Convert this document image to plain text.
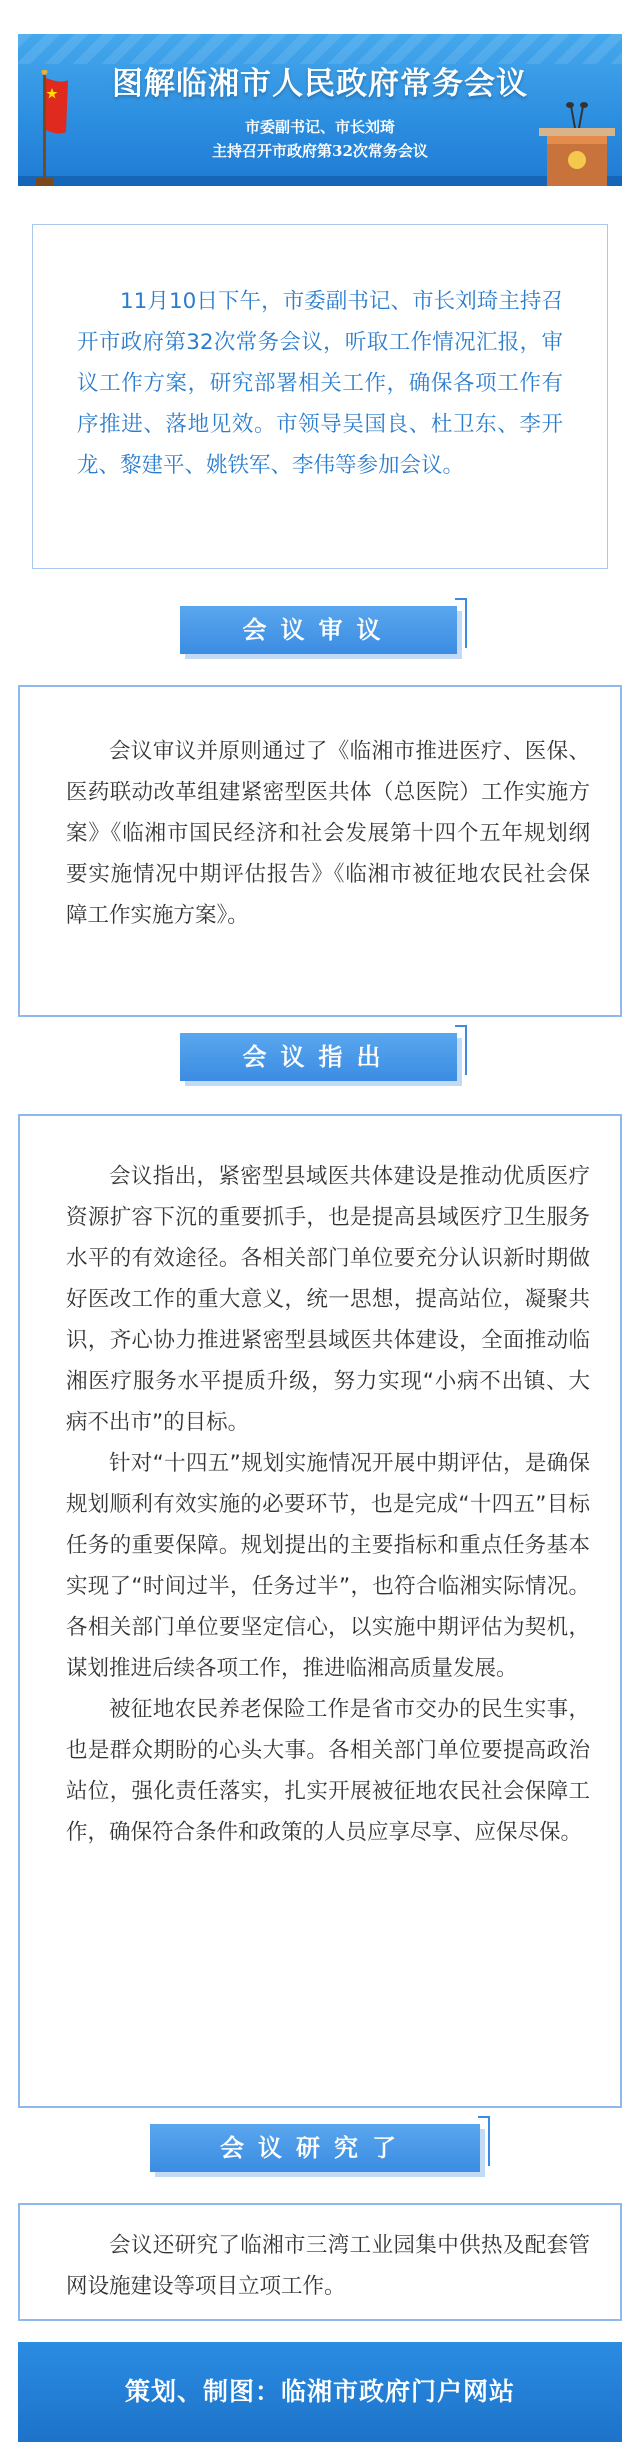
图解临湘市人民政府常务会议
市委副书记、市长刘琦
主持召开市政府第32次常务会议
11月10日下午，市委副书记、市长刘琦主持召开市政府第32次常务会议，听取工作情况汇报，审议工作方案，研究部署相关工作，确保各项工作有序推进、落地见效。市领导吴国良、杜卫东、李开龙、黎建平、姚铁军、李伟等参加会议。
会议审议

会议审议并原则通过了《临湘市推进医疗、医保、医药联动改革组建紧密型医共体（总医院）工作实施方案》《临湘市国民经济和社会发展第十四个五年规划纲要实施情况中期评估报告》《临湘市被征地农民社会保障工作实施方案》。

会议指出

会议指出，紧密型县域医共体建设是推动优质医疗资源扩容下沉的重要抓手，也是提高县域医疗卫生服务水平的有效途径。各相关部门单位要充分认识新时期做好医改工作的重大意义，统一思想，提高站位，凝聚共识，齐心协力推进紧密型县域医共体建设，全面推动临湘医疗服务水平提质升级，努力实现“小病不出镇、大病不出市”的目标。

针对“十四五”规划实施情况开展中期评估，是确保规划顺利有效实施的必要环节，也是完成“十四五”目标任务的重要保障。规划提出的主要指标和重点任务基本实现了“时间过半，任务过半”，也符合临湘实际情况。各相关部门单位要坚定信心，以实施中期评估为契机，谋划推进后续各项工作，推进临湘高质量发展。

被征地农民养老保险工作是省市交办的民生实事，也是群众期盼的心头大事。各相关部门单位要提高政治站位，强化责任落实，扎实开展被征地农民社会保障工作，确保符合条件和政策的人员应享尽享、应保尽保。

会议研究了

会议还研究了临湘市三湾工业园集中供热及配套管网设施建设等项目立项工作。

策划、制图：临湘市政府门户网站
